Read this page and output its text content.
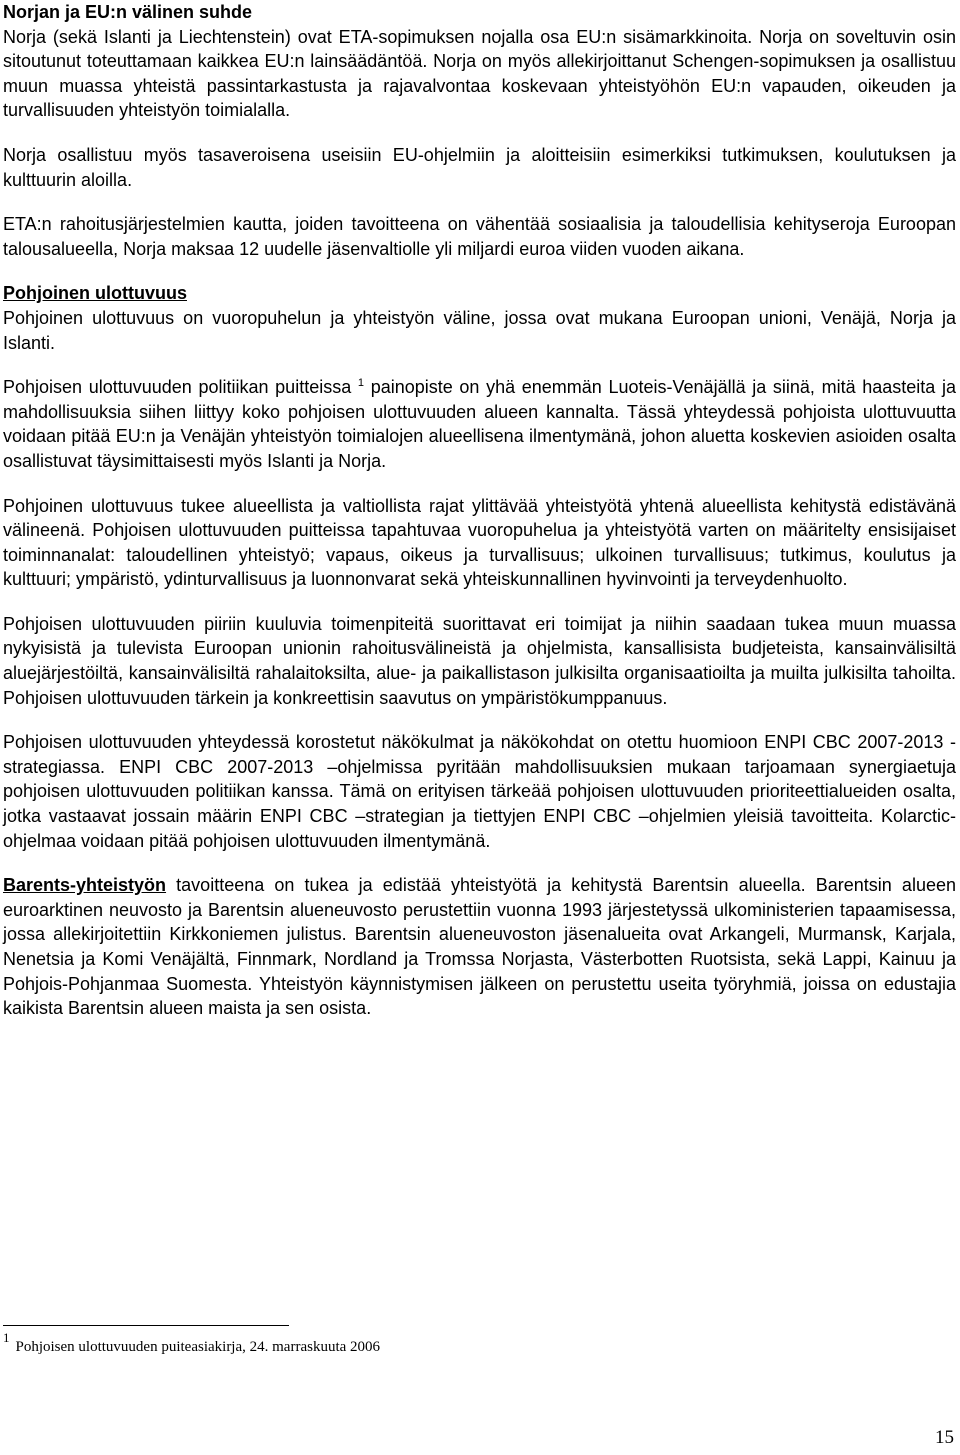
Norjan ja EU:n välinen suhde

Norja (sekä Islanti ja Liechtenstein) ovat ETA-sopimuksen nojalla osa EU:n sisämarkkinoita. Norja on soveltuvin osin sitoutunut toteuttamaan kaikkea EU:n lainsäädäntöä. Norja on myös allekirjoittanut Schengen-sopimuksen ja osallistuu muun muassa yhteistä passintarkastusta ja rajavalvontaa koskevaan yhteistyöhön EU:n vapauden, oikeuden ja turvallisuuden yhteistyön toimialalla.

Norja osallistuu myös tasaveroisena useisiin EU-ohjelmiin ja aloitteisiin esimerkiksi tutkimuksen, koulutuksen ja kulttuurin aloilla.

ETA:n rahoitusjärjestelmien kautta, joiden tavoitteena on vähentää sosiaalisia ja taloudellisia kehityseroja Euroopan talousalueella, Norja maksaa 12 uudelle jäsenvaltiolle yli miljardi euroa viiden vuoden aikana.

Pohjoinen ulottuvuus
Pohjoinen ulottuvuus on vuoropuhelun ja yhteistyön väline, jossa ovat mukana Euroopan unioni, Venäjä, Norja ja Islanti.

Pohjoisen ulottuvuuden politiikan puitteissa $^1$ painopiste on yhä enemmän Luoteis-Venäjällä ja siinä, mitä haasteita ja mahdollisuuksia siihen liittyy koko pohjoisen ulottuvuuden alueen kannalta. Tässä yhteydessä pohjoista ulottuvuutta voidaan pitää EU:n ja Venäjän yhteistyön toimialojen alueellisena ilmentymänä, johon aluetta koskevien asioiden osalta osallistuvat täysimittaisesti myös Islanti ja Norja.

Pohjoinen ulottuvuus tukee alueellista ja valtiollista rajat ylittävää yhteistyötä yhtenä alueellista kehitystä edistävänä välineenä. Pohjoisen ulottuvuuden puitteissa tapahtuvaa vuoropuhelua ja yhteistyötä varten on määritelty ensisijaiset toiminnanalat: taloudellinen yhteistyö; vapaus, oikeus ja turvallisuus; ulkoinen turvallisuus; tutkimus, koulutus ja kulttuuri; ympäristö, ydinturvallisuus ja luonnonvarat sekä yhteiskunnallinen hyvinvointi ja terveydenhuolto.

Pohjoisen ulottuvuuden piiriin kuuluvia toimenpiteitä suorittavat eri toimijat ja niihin saadaan tukea muun muassa nykyisistä ja tulevista Euroopan unionin rahoitusvälineistä ja ohjelmista, kansallisista budjeteista, kansainvälisiltä aluejärjestöiltä, kansainvälisiltä rahalaitoksilta, alue- ja paikallistason julkisilta organisaatioilta ja muilta julkisilta tahoilta. Pohjoisen ulottuvuuden tärkein ja konkreettisin saavutus on ympäristökumppanuus.

Pohjoisen ulottuvuuden yhteydessä korostetut näkökulmat ja näkökohdat on otettu huomioon ENPI CBC 2007-2013 -strategiassa. ENPI CBC 2007-2013 –ohjelmissa pyritään mahdollisuuksien mukaan tarjoamaan synergiaetuja pohjoisen ulottuvuuden politiikan kanssa. Tämä on erityisen tärkeää pohjoisen ulottuvuuden prioriteettialueiden osalta, jotka vastaavat jossain määrin ENPI CBC –strategian ja tiettyjen ENPI CBC –ohjelmien yleisiä tavoitteita. Kolarctic-ohjelmaa voidaan pitää pohjoisen ulottuvuuden ilmentymänä.

Barents-yhteistyön tavoitteena on tukea ja edistää yhteistyötä ja kehitystä Barentsin alueella. Barentsin alueen euroarktinen neuvosto ja Barentsin alueneuvosto perustettiin vuonna 1993 järjestetyssä ulkoministerien tapaamisessa, jossa allekirjoitettiin Kirkkoniemen julistus. Barentsin alueneuvoston jäsenalueita ovat Arkangeli, Murmansk, Karjala, Nenetsia ja Komi Venäjältä, Finnmark, Nordland ja Tromssa Norjasta, Västerbotten Ruotsista, sekä Lappi, Kainuu ja Pohjois-Pohjanmaa Suomesta. Yhteistyön käynnistymisen jälkeen on perustettu useita työryhmiä, joissa on edustajia kaikista Barentsin alueen maista ja sen osista.

$^1$Pohjoisen ulottuvuuden puiteasiakirja, 24. marraskuuta 2006
15
